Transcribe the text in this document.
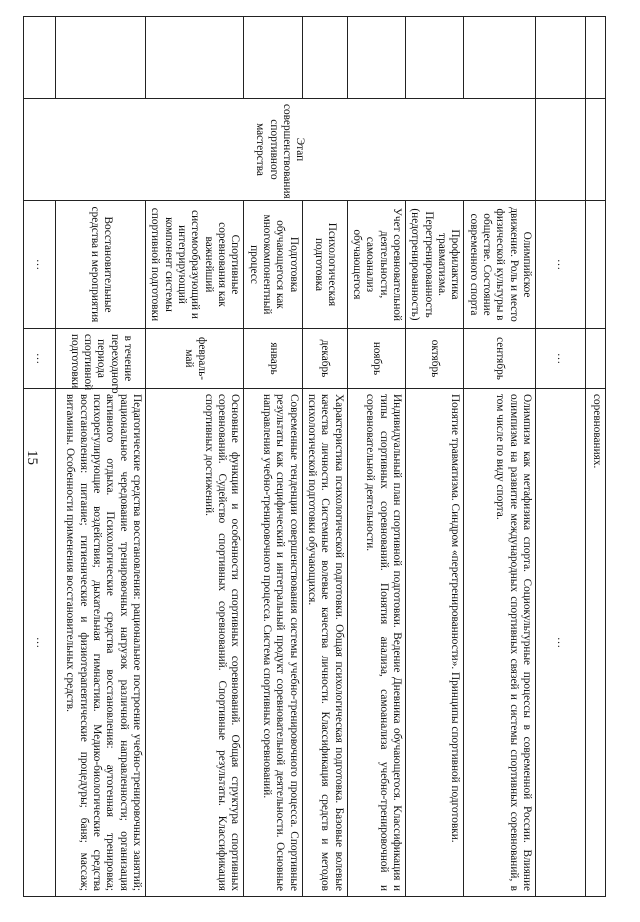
15
					соревнованиях.
		…	…	…
	Этап совершенствования спортивного мастерства	Олимпийское движение. Роль и место физической культуры в обществе. Состояние современного спорта	сентябрь	Олимпизм как метафизика спорта. Социокультурные процессы в современной России. Влияние олимпизма на развитие международных спортивных связей и системы спортивных соревнований, в том числе по виду спорта.
		Профилактика травматизма. Перетренированность (недотренированность)	октябрь	Понятие травматизма. Синдром «перетренированности». Принципы спортивной подготовки.
		Учет соревновательной деятельности, самоанализ обучающегося	ноябрь	Индивидуальный план спортивной подготовки. Ведение Дневника обучающегося. Классификация и типы спортивных соревнований. Понятия анализа, самоанализа учебно-тренировочной и соревновательной деятельности.
		Психологическая подготовка	декабрь	Характеристика психологической подготовки. Общая психологическая подготовка. Базовые волевые качества личности. Системные волевые качества личности. Классификация средств и методов психологической подготовки обучающихся.
		Подготовка обучающегося как многокомпонентный процесс	январь	Современные тенденции совершенствования системы учебно-тренировочного процесса. Спортивные результаты как специфический и интегральный продукт соревновательной деятельности. Основные направления учебно-тренировочного процесса. Система спортивных соревнований.
		Спортивные соревнования как важнейший системообразующий и интегрирующий компонент системы спортивной подготовки	февраль-май	Основные функции и особенности спортивных соревнований. Общая структура спортивных соревнований. Судейство спортивных соревнований. Спортивные результаты. Классификация спортивных достижений.
		Восстановительные средства и мероприятия	в течение переходного периода спортивной подготовки	Педагогические средства восстановления: рациональное построение учебно-тренировочных занятий; рациональное чередование тренировочных нагрузок различной направленности; организация активного отдыха. Психологические средства восстановления: аутогенная тренировка; психорегулирующие воздействия; дыхательная гимнастика. Медико-биологические средства восстановления: питание; гигиенические и физиотерапевтические процедуры; баня; массаж; витамины. Особенности применения восстановительных средств.
		…	…	…
